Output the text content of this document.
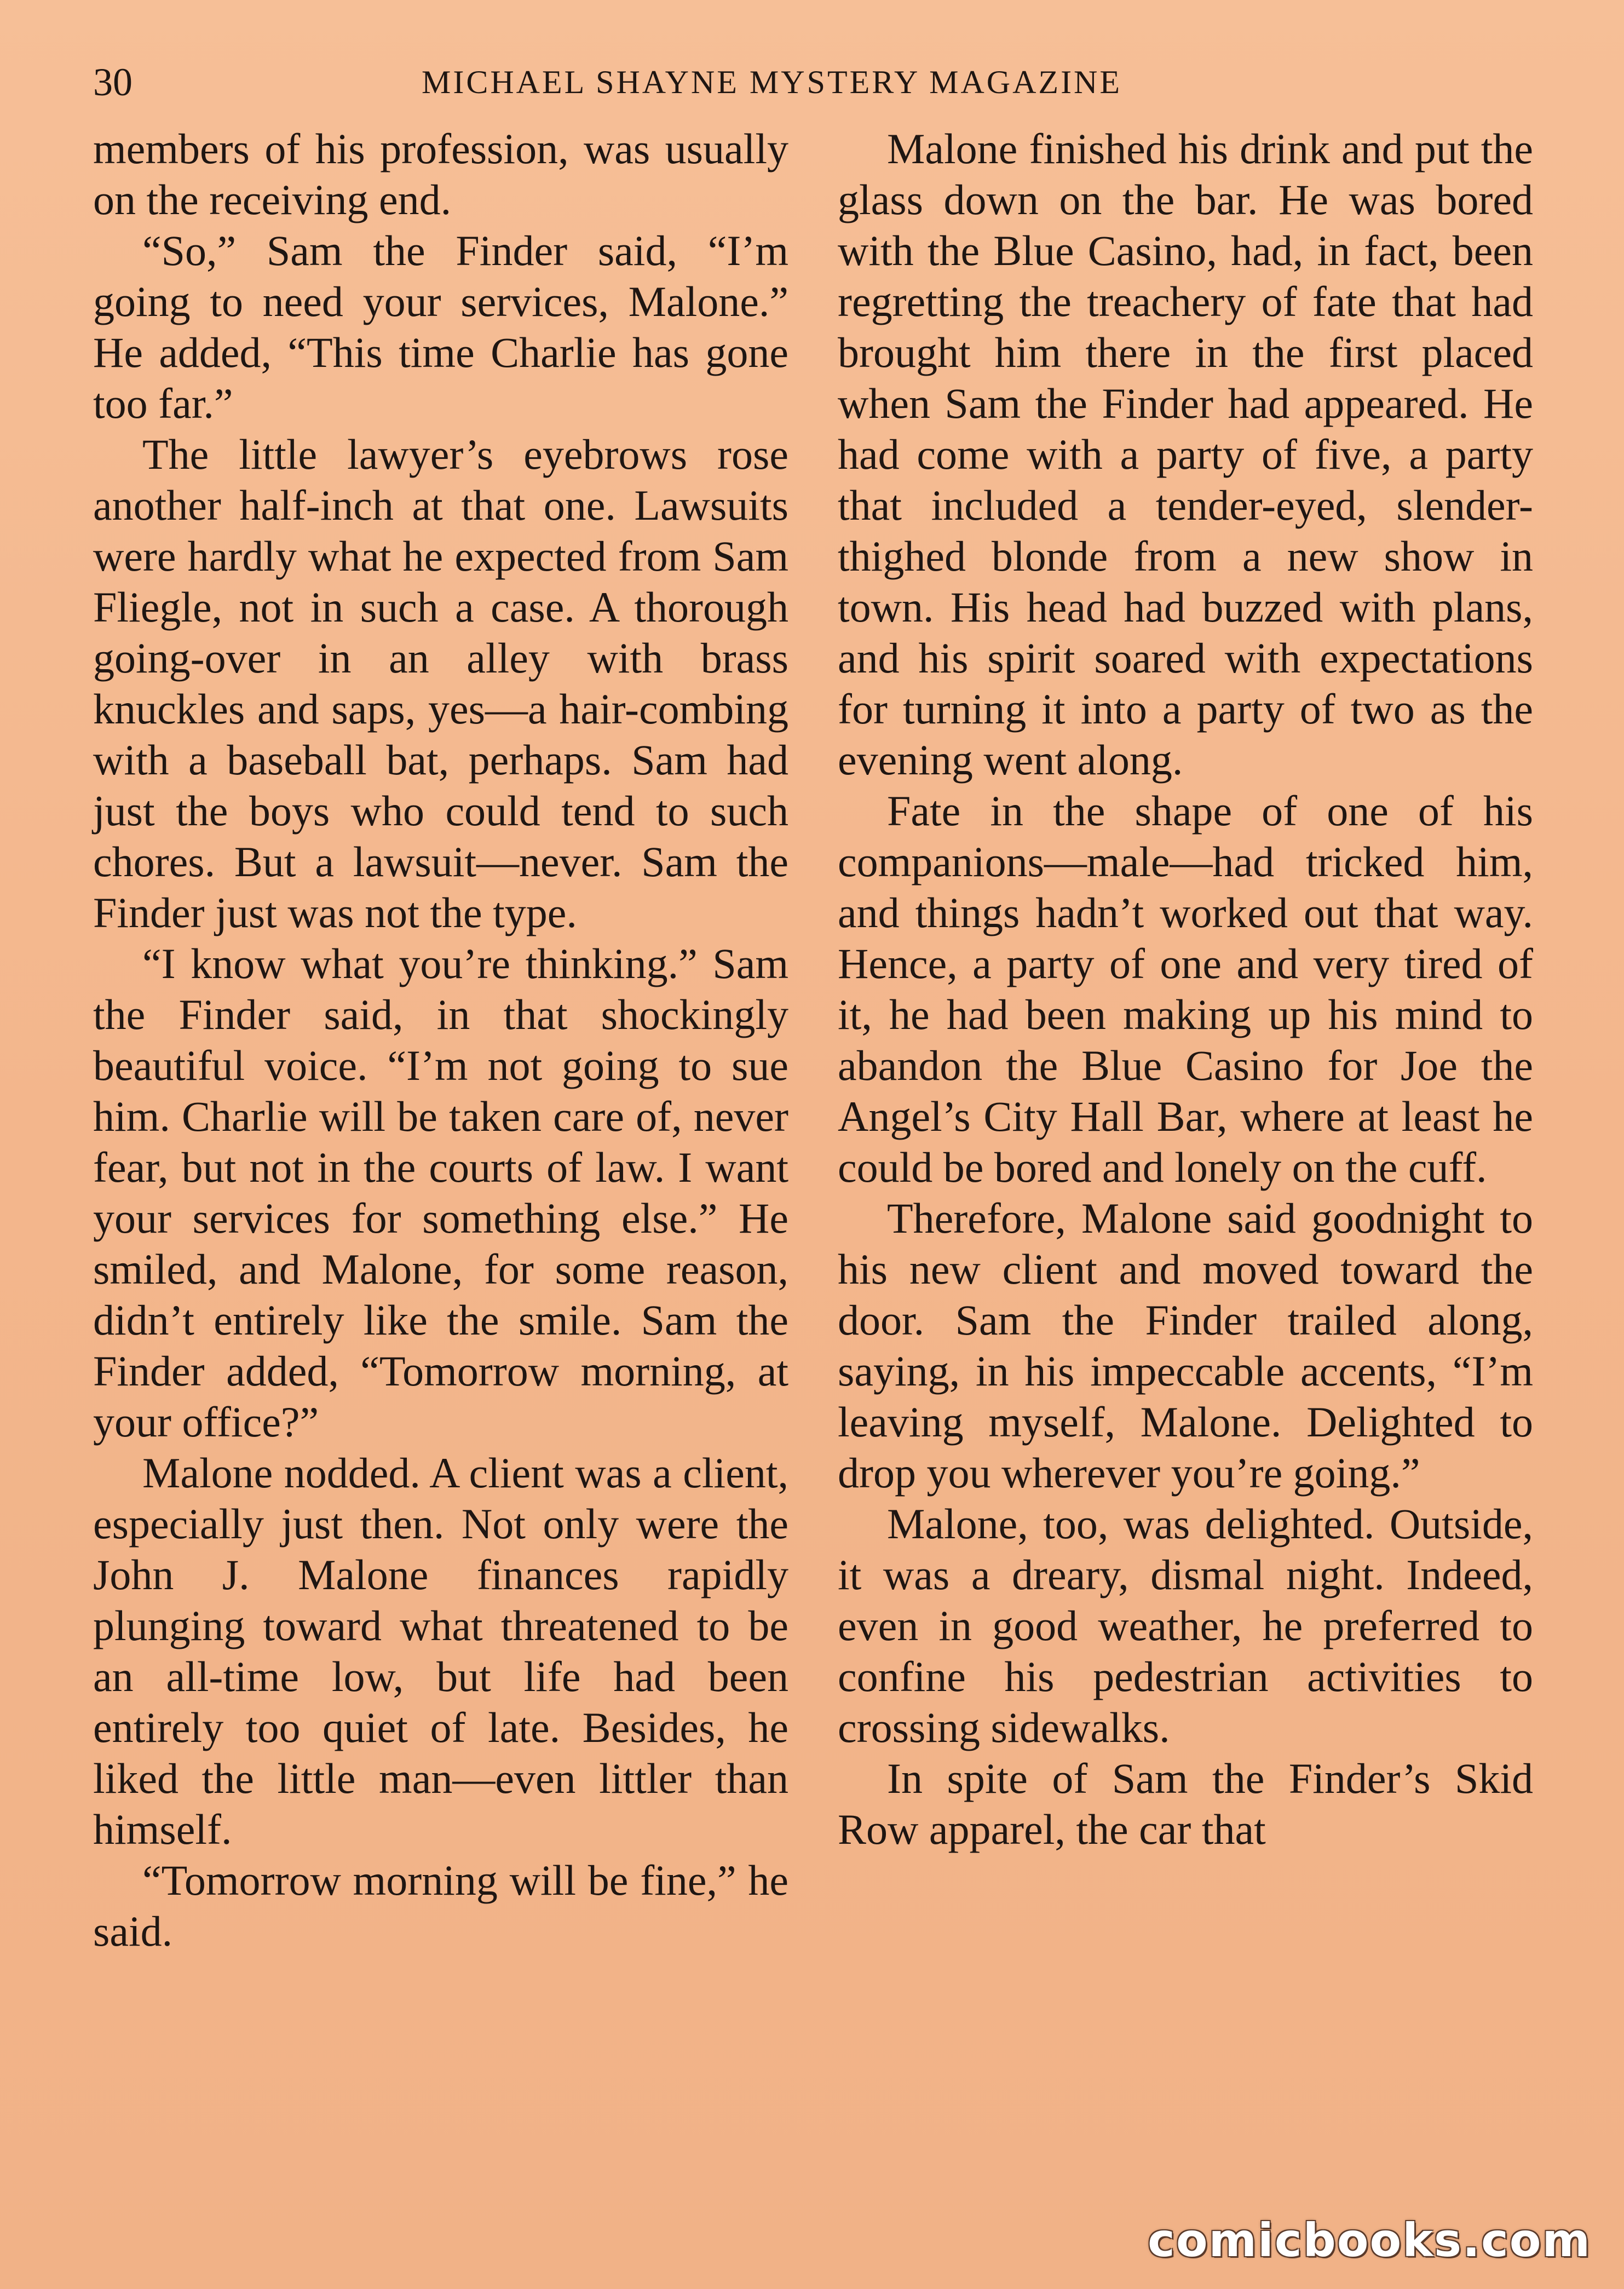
30	MICHAEL SHAYNE MYSTERY MAGAZINE

members of his profession, was usually on the receiving end.

“So,” Sam the Finder said, “I’m going to need your services, Malone.” He added, “This time Charlie has gone too far.”

The little lawyer’s eyebrows rose another half-inch at that one. Lawsuits were hardly what he expected from Sam Fliegle, not in such a case. A thorough going-over in an alley with brass knuckles and saps, yes—a hair-combing with a baseball bat, perhaps. Sam had just the boys who could tend to such chores. But a lawsuit—never. Sam the Finder just was not the type.

“I know what you’re thinking.” Sam the Finder said, in that shockingly beautiful voice. “I’m not going to sue him. Charlie will be taken care of, never fear, but not in the courts of law. I want your services for something else.” He smiled, and Malone, for some reason, didn’t entirely like the smile. Sam the Finder added, “Tomorrow morning, at your office?”

Malone nodded. A client was a client, especially just then. Not only were the John J. Malone finances rapidly plunging toward what threatened to be an all-time low, but life had been entirely too quiet of late. Besides, he liked the little man—even littler than himself.

“Tomorrow morning will be fine,” he said.

Malone finished his drink and put the glass down on the bar. He was bored with the Blue Casino, had, in fact, been regretting the treachery of fate that had brought him there in the first placed when Sam the Finder had appeared. He had come with a party of five, a party that included a tender-eyed, slender-thighed blonde from a new show in town. His head had buzzed with plans, and his spirit soared with expectations for turning it into a party of two as the evening went along.

Fate in the shape of one of his companions—male—had tricked him, and things hadn’t worked out that way. Hence, a party of one and very tired of it, he had been making up his mind to abandon the Blue Casino for Joe the Angel’s City Hall Bar, where at least he could be bored and lonely on the cuff.

Therefore, Malone said goodnight to his new client and moved toward the door. Sam the Finder trailed along, saying, in his impeccable accents, “I’m leaving myself, Malone. Delighted to drop you wherever you’re going.”

Malone, too, was delighted. Outside, it was a dreary, dismal night. Indeed, even in good weather, he preferred to confine his pedestrian activities to crossing sidewalks.

In spite of Sam the Finder’s Skid Row apparel, the car that

comicbooks.com
